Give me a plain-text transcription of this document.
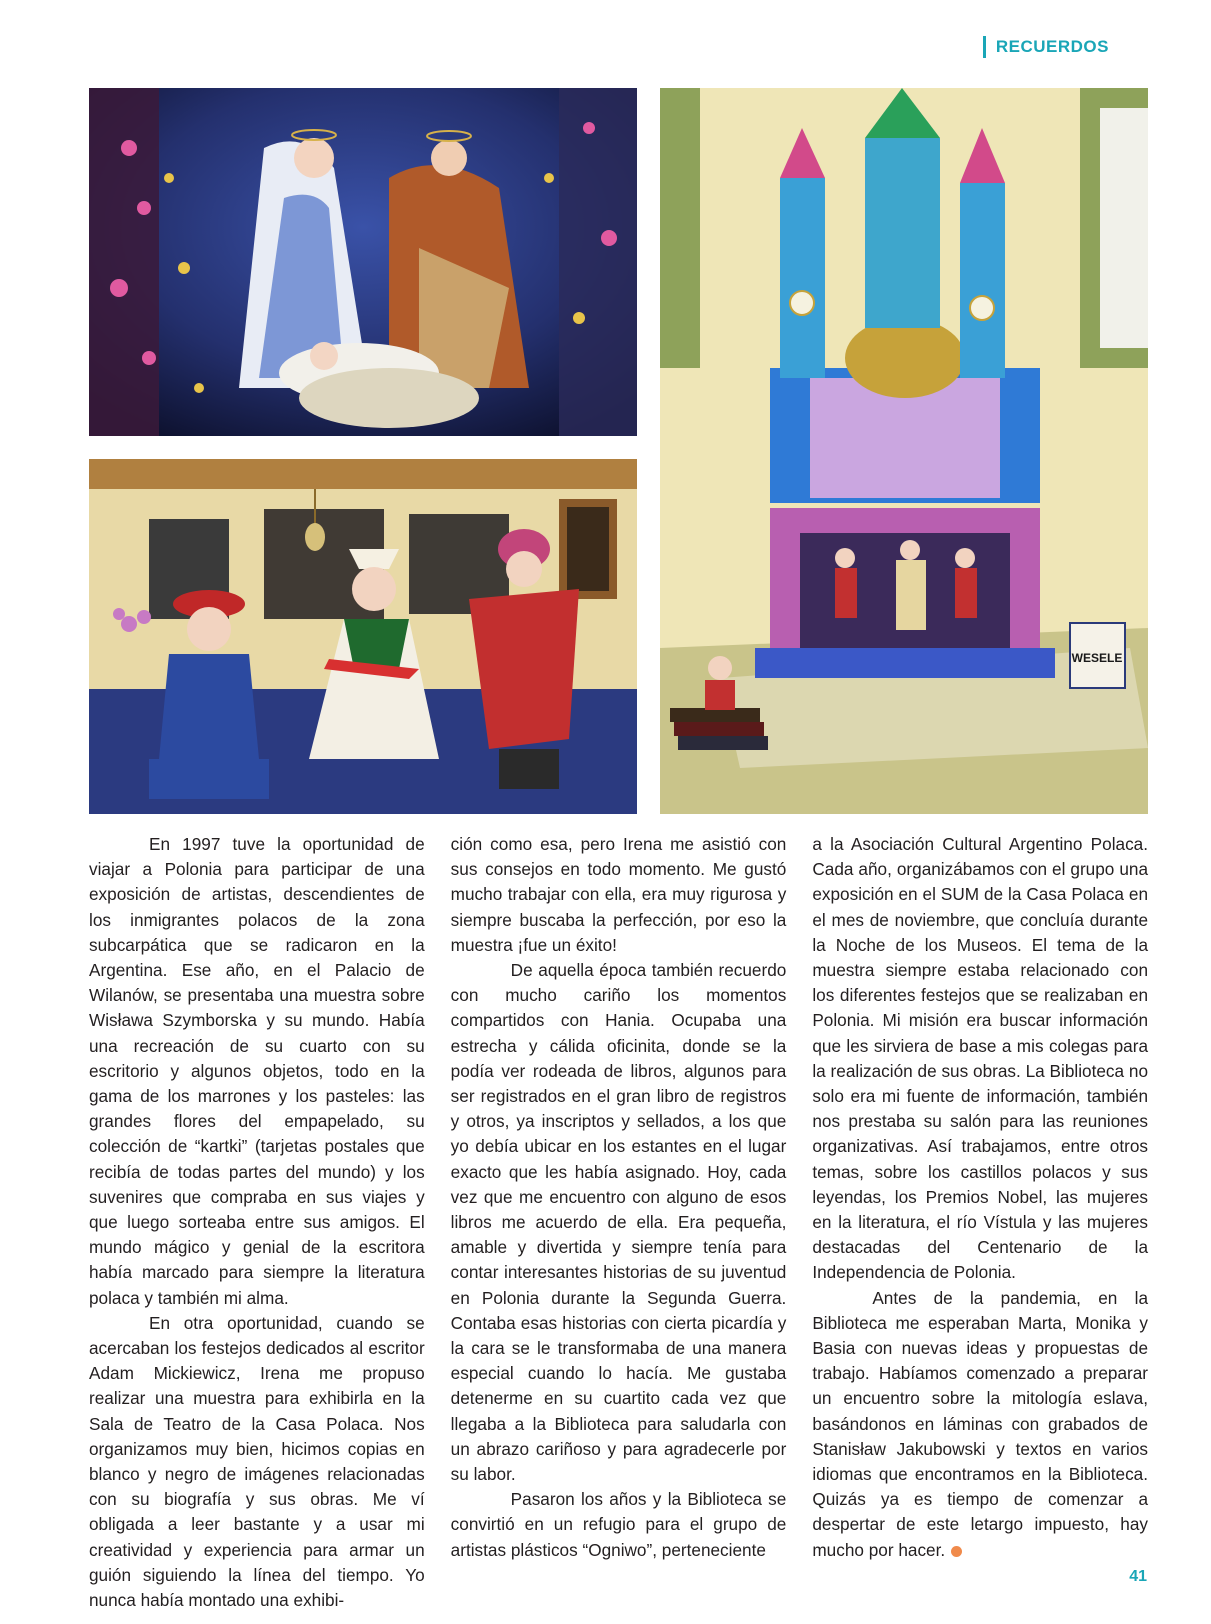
RECUERDOS
WESELE

En 1997 tuve la oportunidad de viajar a Polonia para participar de una exposición de artistas, descendientes de los inmigrantes polacos de la zona subcarpática que se radicaron en la Argentina. Ese año, en el Palacio de Wilanów, se presentaba una muestra sobre Wisława Szymborska y su mundo. Había una recreación de su cuarto con su escritorio y algunos objetos, todo en la gama de los marrones y los pasteles: las grandes flores del empapelado, su colección de “kartki” (tarjetas postales que recibía de todas partes del mundo) y los suvenires que compraba en sus viajes y que luego sorteaba entre sus amigos. El mundo mágico y genial de la escritora había marcado para siempre la literatura polaca y también mi alma.

En otra oportunidad, cuando se acercaban los festejos dedicados al escritor Adam Mickiewicz, Irena me propuso realizar una muestra para exhibirla en la Sala de Teatro de la Casa Polaca. Nos organizamos muy bien, hicimos copias en blanco y negro de imágenes relacionadas con su biografía y sus obras. Me ví obligada a leer bastante y a usar mi creatividad y experiencia para armar un guión siguiendo la línea del tiempo. Yo nunca había montado una exhibi-

ción como esa, pero Irena me asistió con sus consejos en todo momento. Me gustó mucho trabajar con ella, era muy rigurosa y siempre buscaba la perfección, por eso la muestra ¡fue un éxito!

De aquella época también recuerdo con mucho cariño los momentos compartidos con Hania. Ocupaba una estrecha y cálida oficinita, donde se la podía ver rodeada de libros, algunos para ser registrados en el gran libro de registros y otros, ya inscriptos y sellados, a los que yo debía ubicar en los estantes en el lugar exacto que les había asignado. Hoy, cada vez que me encuentro con alguno de esos libros me acuerdo de ella. Era pequeña, amable y divertida y siempre tenía para contar interesantes historias de su juventud en Polonia durante la Segunda Guerra. Contaba esas historias con cierta picardía y la cara se le transformaba de una manera especial cuando lo hacía. Me gustaba detenerme en su cuartito cada vez que llegaba a la Biblioteca para saludarla con un abrazo cariñoso y para agradecerle por su labor.

Pasaron los años y la Biblioteca se convirtió en un refugio para el grupo de artistas plásticos “Ogniwo”, perteneciente

a la Asociación Cultural Argentino Polaca. Cada año, organizábamos con el grupo una exposición en el SUM de la Casa Polaca en el mes de noviembre, que concluía durante la Noche de los Museos. El tema de la muestra siempre estaba relacionado con los diferentes festejos que se realizaban en Polonia. Mi misión era buscar información que les sirviera de base a mis colegas para la realización de sus obras. La Biblioteca no solo era mi fuente de información, también nos prestaba su salón para las reuniones organizativas. Así trabajamos, entre otros temas, sobre los castillos polacos y sus leyendas, los Premios Nobel, las mujeres en la literatura, el río Vístula y las mujeres destacadas del Centenario de la Independencia de Polonia.

Antes de la pandemia, en la Biblioteca me esperaban Marta, Monika y Basia con nuevas ideas y propuestas de trabajo. Habíamos comenzado a preparar un encuentro sobre la mitología eslava, basándonos en láminas con grabados de Stanisław Jakubowski y textos en varios idiomas que encontramos en la Biblioteca. Quizás ya es tiempo de comenzar a despertar de este letargo impuesto, hay mucho por hacer.

41
